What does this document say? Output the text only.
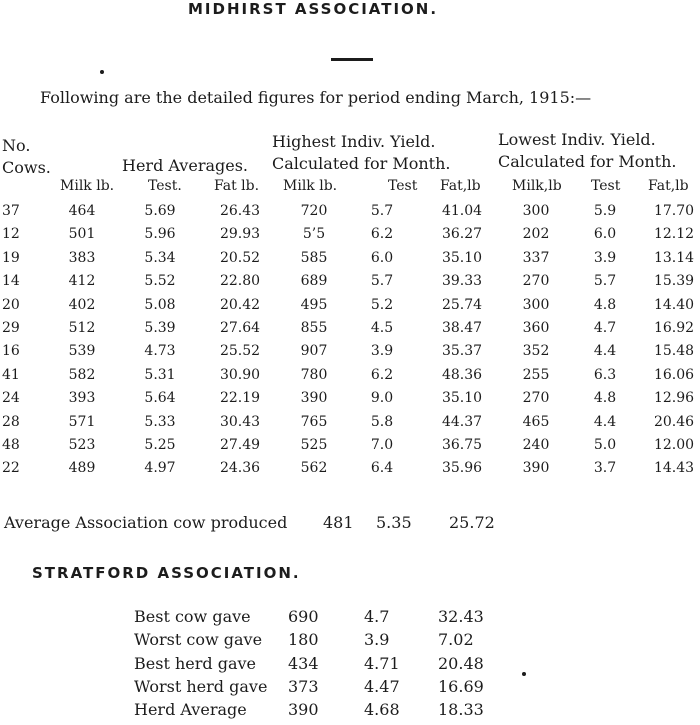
MIDHIRST ASSOCIATION.
Following are the detailed figures for period ending March, 1915:—
No.
Cows.
Highest Indiv. Yield.	Lowest Indiv. Yield.
Herd Averages. Calculated for Month.	Calculated for Month.
Milk lb. Test. Fat lb. Milk lb.	Test Fat,lb Milk,lb Test Fat,lb
37	464	5.69	26.43	720	5.7	41.04	300	5.9	17.70
12	501	5.96	29.93	5’5	6.2	36.27	202	6.0	12.12
19	383	5.34	20.52	585	6.0	35.10	337	3.9	13.14
14	412	5.52	22.80	689	5.7	39.33	270	5.7	15.39
20	402	5.08	20.42	495	5.2	25.74	300	4.8	14.40
29	512	5.39	27.64	855	4.5	38.47	360	4.7	16.92
16	539	4.73	25.52	907	3.9	35.37	352	4.4	15.48
41	582	5.31	30.90	780	6.2	48.36	255	6.3	16.06
24	393	5.64	22.19	390	9.0	35.10	270	4.8	12.96
28	571	5.33	30.43	765	5.8	44.37	465	4.4	20.46
48	523	5.25	27.49	525	7.0	36.75	240	5.0	12.00
22	489	4.97	24.36	562	6.4	35.96	390	3.7	14.43
Average Association cow produced 481 5.35 25.72
STRATFORD ASSOCIATION.
Best cow gave 690	4.7	32.43
Worst cow gave 180	3.9	7.02
Best herd gave 434	4.71 20.48
Worst herd gave 373	4.47 16.69
Herd Average	390	4.68 18.33
